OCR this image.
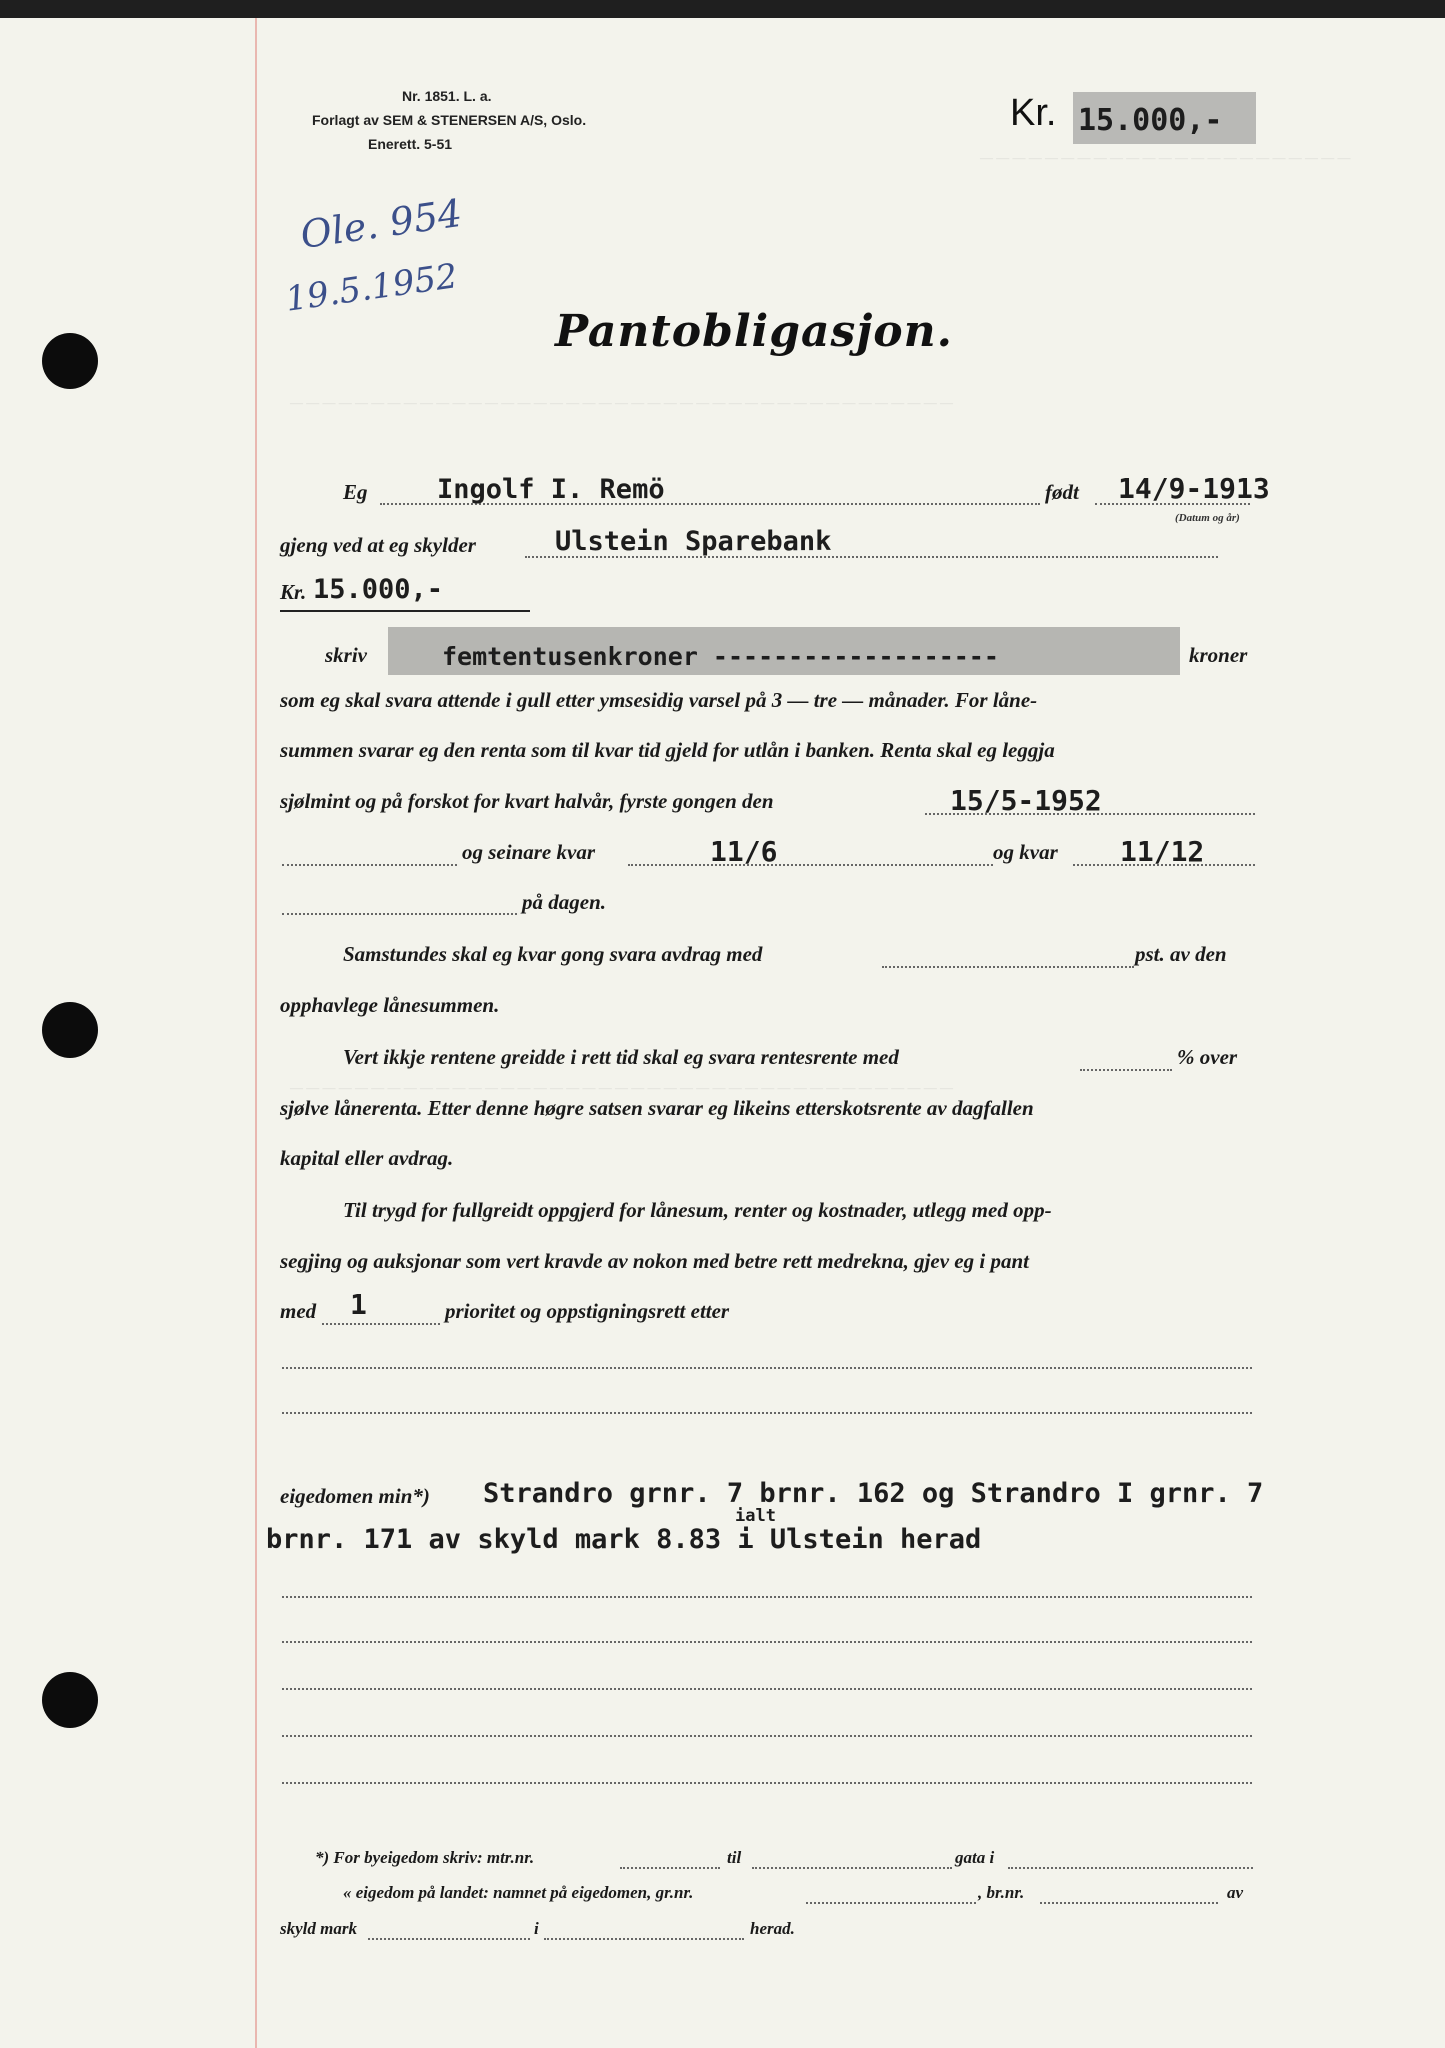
— — — — — — — — — — — — — — — — — — — — — — —
— — — — — — — — — — — — — — — — — — — — — — — — — — — — — — — — — — — — — — — — —
— — — — — — — — — — — — — — — — — — — — — — — — — — — — — — — — — — — — — — — — —
Nr. 1851. L. a.
Forlagt av SEM & STENERSEN A/S, Oslo.
Enerett. 5-51
Kr. 15.000,-
Ole. 954
19.5.1952
Pantobligasjon.
Eg	Ingolf I. Remö	født 14/9-1913
(Datum og år)
gjeng ved at eg skylder	Ulstein Sparebank
Kr. 15.000,-
skriv	femtentusenkroner -------------------	kroner
som eg skal svara attende i gull etter ymsesidig varsel på 3 — tre — månader. For låne-
summen svarar eg den renta som til kvar tid gjeld for utlån i banken. Renta skal eg leggja
sjølmint og på forskot for kvart halvår, fyrste gongen den	15/5-1952
og seinare kvar	11/6	og kvar 11/12
på dagen.
Samstundes skal eg kvar gong svara avdrag med	pst. av den
opphavlege lånesummen.
Vert ikkje rentene greidde i rett tid skal eg svara rentesrente med	% over
sjølve lånerenta. Etter denne høgre satsen svarar eg likeins etterskotsrente av dagfallen
kapital eller avdrag.
Til trygd for fullgreidt oppgjerd for lånesum, renter og kostnader, utlegg med opp-
segjing og auksjonar som vert kravde av nokon med betre rett medrekna, gjev eg i pant
med 1	prioritet og oppstigningsrett etter
eigedomen min*) Strandro grnr. 7 brnr. 162 og Strandro I grnr. 7
ialt
brnr. 171 av skyld mark 8.83 i Ulstein herad
*) For byeigedom skriv: mtr.nr.	til	gata i
« eigedom på landet: namnet på eigedomen, gr.nr.	, br.nr.	av
skyld mark	i	herad.
